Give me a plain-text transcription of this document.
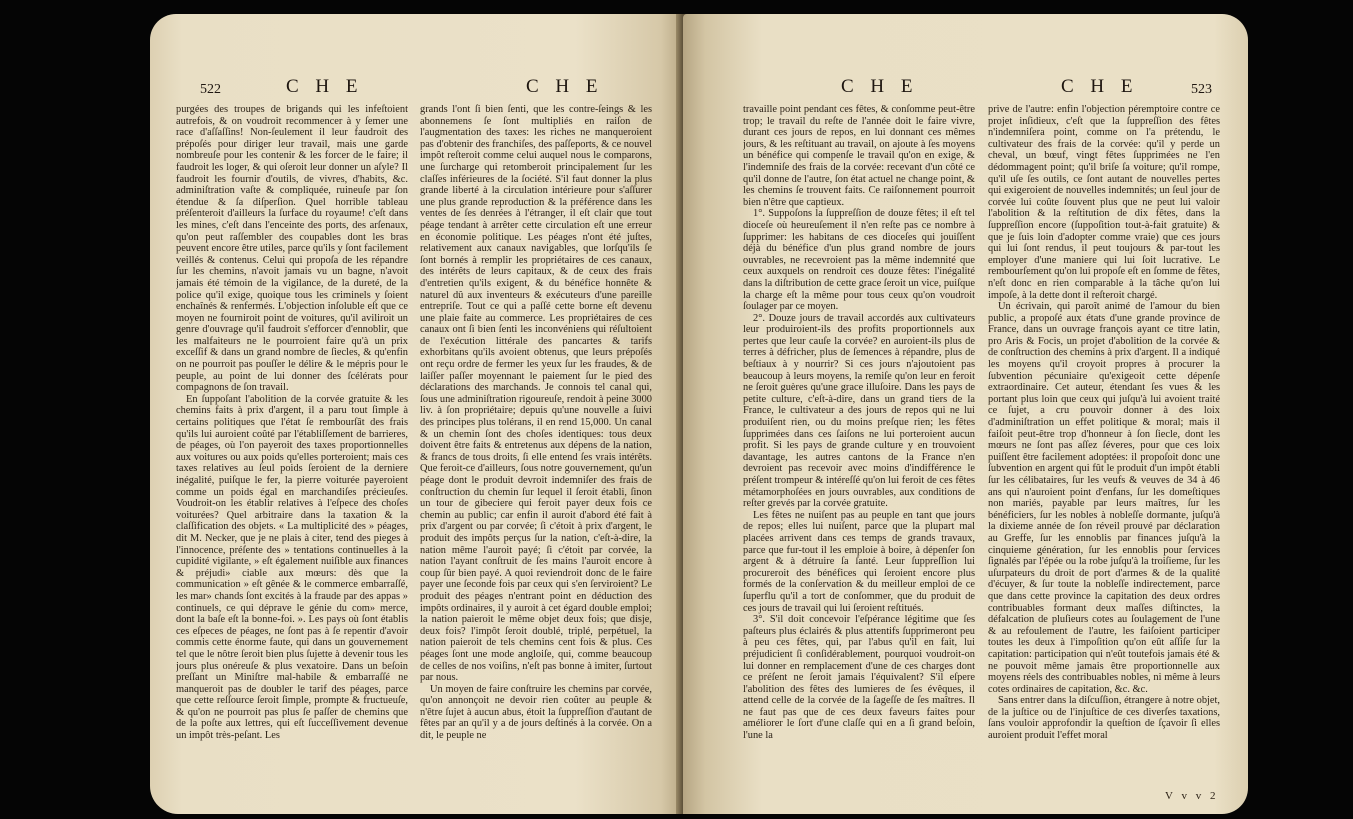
522	C H E	C H E

purgées des troupes de brigands qui les infeſtoient autrefois, & on voudroit recommencer à y ſemer une race d'aſſaſſins! Non-ſeulement il leur faudroit des prépoſés pour diriger leur travail, mais une garde nombreuſe pour les contenir & les forcer de le faire; il faudroit les loger, & qui oſeroit leur donner un aſyle? Il faudroit les fournir d'outils, de vivres, d'habits, &c. adminiſtration vaſte & compliquée, ruineuſe par ſon étendue & ſa diſperſion. Quel horrible tableau préſenteroit d'ailleurs la ſurface du royaume! c'eſt dans les mines, c'eſt dans l'enceinte des ports, des arſenaux, qu'on peut raſſembler des coupables dont les bras peuvent encore être utiles, parce qu'ils y ſont facilement veillés & contenus. Celui qui propoſa de les répandre ſur les chemins, n'avoit jamais vu un bagne, n'avoit jamais été témoin de la vigilance, de la dureté, de la police qu'il exige, quoique tous les criminels y ſoient enchaînés & renfermés. L'objection inſoluble eſt que ce moyen ne fourniroit point de voitures, qu'il aviliroit un genre d'ouvrage qu'il faudroit s'efforcer d'ennoblir, que les malfaiteurs ne le pourroient faire qu'à un prix exceſſif & dans un grand nombre de ſiecles, & qu'enfin on ne pourroit pas pouſſer le délire & le mépris pour le peuple, au point de lui donner des ſcélérats pour compagnons de ſon travail.

En ſuppoſant l'abolition de la corvée gratuite & les chemins faits à prix d'argent, il a paru tout ſimple à certains politiques que l'état ſe rembourſât des frais qu'ils lui auroient coûté par l'établiſſement de barrieres, de péages, où l'on payeroit des taxes proportionnelles aux voitures ou aux poids qu'elles porteroient; mais ces taxes relatives au ſeul poids ſeroient de la derniere inégalité, puiſque le fer, la pierre voiturée payeroient comme un poids égal en marchandiſes précieuſes. Voudroit-on les établir relatives à l'eſpece des choſes voiturées? Quel arbitraire dans la taxation & la claſſification des objets. « La multiplicité des » péages, dit M. Necker, que je ne plais à citer, tend des pieges à l'innocence, préſente des » tentations continuelles à la cupidité vigilante, » eſt également nuiſible aux finances & préjudi» ciable aux mœurs: dès que la communication » eſt gênée & le commerce embarraſſé, les mar» chands ſont excités à la fraude par des appas » continuels, ce qui déprave le génie du com» merce, dont la baſe eſt la bonne-foi. ». Les pays où ſont établis ces eſpeces de péages, ne ſont pas à ſe repentir d'avoir commis cette énorme faute, qui dans un gouvernement tel que le nôtre ſeroit bien plus ſujette à devenir tous les jours plus onéreuſe & plus vexatoire. Dans un beſoin preſſant un Miniſtre mal-habile & embarraſſé ne manqueroit pas de doubler le tarif des péages, parce que cette reſſource ſeroit ſimple, prompte & fructueuſe, & qu'on ne pourroit pas plus ſe paſſer de chemins que de la poſte aux lettres, qui eſt ſucceſſivement devenue un impôt très-peſant. Les

grands l'ont ſi bien ſenti, que les contre-ſeings & les abonnemens ſe ſont multipliés en raiſon de l'augmentation des taxes: les riches ne manqueroient pas d'obtenir des franchiſes, des paſſeports, & ce nouvel impôt reſteroit comme celui auquel nous le comparons, une ſurcharge qui retomberoit principalement ſur les claſſes inférieures de la ſociété. S'il faut donner la plus grande liberté à la circulation intérieure pour s'aſſurer une plus grande reproduction & la préférence dans les ventes de ſes denrées à l'étranger, il eſt clair que tout péage tendant à arrêter cette circulation eſt une erreur en économie politique. Les péages n'ont été juſtes, relativement aux canaux navigables, que lorſqu'ils ſe ſont bornés à remplir les propriétaires de ces canaux, des intérêts de leurs capitaux, & de ceux des frais d'entretien qu'ils exigent, & du bénéfice honnête & naturel dû aux inventeurs & exécuteurs d'une pareille entrepriſe. Tout ce qui a paſſé cette borne eſt devenu une plaie faite au commerce. Les propriétaires de ces canaux ont ſi bien ſenti les inconvéniens qui réſultoient de l'exécution littérale des pancartes & tarifs exhorbitans qu'ils avoient obtenus, que leurs prépoſés ont reçu ordre de fermer les yeux ſur les fraudes, & de laiſſer paſſer moyennant le paiement ſur le pied des déclarations des marchands. Je connois tel canal qui, ſous une adminiſtration rigoureuſe, rendoit à peine 3000 liv. à ſon propriétaire; depuis qu'une nouvelle a ſuivi des principes plus tolérans, il en rend 15,000. Un canal & un chemin ſont des choſes identiques: tous deux doivent être faits & entretenus aux dépens de la nation, & francs de tous droits, ſi elle entend ſes vrais intérêts. Que feroit-ce d'ailleurs, ſous notre gouvernement, qu'un péage dont le produit devroit indemniſer des frais de conſtruction du chemin ſur lequel il ſeroit établi, ſinon un tour de gibeciere qui feroit payer deux fois ce chemin au public; car enfin il auroit d'abord été fait à prix d'argent ou par corvée; ſi c'étoit à prix d'argent, le produit des impôts perçus ſur la nation, c'eſt-à-dire, la nation même l'auroit payé; ſi c'étoit par corvée, la nation l'ayant conſtruit de ſes mains l'auroit encore à coup ſûr bien payé. A quoi reviendroit donc de le faire payer une ſeconde fois par ceux qui s'en ſerviroient? Le produit des péages n'entrant point en déduction des impôts ordinaires, il y auroit à cet égard double emploi; la nation paieroit le même objet deux fois; que disje, deux fois? l'impôt ſeroit doublé, triplé, perpétuel, la nation paieroit de tels chemins cent fois & plus. Ces péages ſont une mode angloiſe, qui, comme beaucoup de celles de nos voiſins, n'eſt pas bonne à imiter, ſurtout par nous.

Un moyen de faire conſtruire les chemins par corvée, qu'on annonçoit ne devoir rien coûter au peuple & n'être ſujet à aucun abus, étoit la ſuppreſſion d'autant de fêtes par an qu'il y a de jours deſtinés à la corvée. On a dit, le peuple ne

C H E	C H E	523

travaille point pendant ces fêtes, & conſomme peut-être trop; le travail du reſte de l'année doit le faire vivre, durant ces jours de repos, en lui donnant ces mêmes jours, & les reſtituant au travail, on ajoute à ſes moyens un bénéfice qui compenſe le travail qu'on en exige, & l'indemniſe des frais de la corvée: recevant d'un côté ce qu'il donne de l'autre, ſon état actuel ne change point, & les chemins ſe trouvent faits. Ce raiſonnement pourroit bien n'être que captieux.

1°. Suppoſons la ſuppreſſion de douze fêtes; il eſt tel dioceſe où heureuſement il n'en reſte pas ce nombre à ſupprimer: les habitans de ces dioceſes qui jouiſſent déjà du bénéfice d'un plus grand nombre de jours ouvrables, ne recevroient pas la même indemnité que ceux auxquels on rendroit ces douze fêtes: l'inégalité dans la diſtribution de cette grace ſeroit un vice, puiſque la charge eſt la même pour tous ceux qu'on voudroit ſoulager par ce moyen.

2°. Douze jours de travail accordés aux cultivateurs leur produiroient-ils des profits proportionnels aux pertes que leur cauſe la corvée? en auroient-ils plus de terres à défricher, plus de ſemences à répandre, plus de beſtiaux à y nourrir? Si ces jours n'ajoutoient pas beaucoup à leurs moyens, la remiſe qu'on leur en feroit ne ſeroit guères qu'une grace illuſoire. Dans les pays de petite culture, c'eſt-à-dire, dans un grand tiers de la France, le cultivateur a des jours de repos qui ne lui produiſent rien, ou du moins preſque rien; les fêtes ſupprimées dans ces ſaiſons ne lui porteroient aucun profit. Si les pays de grande culture y en trouvoient davantage, les autres cantons de la France n'en devroient pas recevoir avec moins d'indifférence le préſent trompeur & intéreſſé qu'on lui feroit de ces fêtes métamorphoſées en jours ouvrables, aux conditions de reſter grevés par la corvée gratuite.

Les fêtes ne nuiſent pas au peuple en tant que jours de repos; elles lui nuiſent, parce que la plupart mal placées arrivent dans ces temps de grands travaux, parce que fur-tout il les emploie à boire, à dépenſer ſon argent & à détruire ſa ſanté. Leur ſuppreſſion lui procureroit des bénéfices qui ſeroient encore plus formés de la conſervation & du meilleur emploi de ce ſuperflu qu'il a tort de conſommer, que du produit de ces jours de travail qui lui ſeroient reſtitués.

3°. S'il doit concevoir l'eſpérance légitime que ſes paſteurs plus éclairés & plus attentifs ſupprimeront peu à peu ces fêtes, qui, par l'abus qu'il en fait, lui préjudicient ſi conſidérablement, pourquoi voudroit-on lui donner en remplacement d'une de ces charges dont ce préſent ne ſeroit jamais l'équivalent? S'il eſpere l'abolition des fêtes des lumieres de ſes évêques, il attend celle de la corvée de la ſageſſe de ſes maîtres. Il ne faut pas que de ces deux faveurs faites pour améliorer le ſort d'une claſſe qui en a ſi grand beſoin, l'une la

prive de l'autre: enfin l'objection péremptoire contre ce projet inſidieux, c'eſt que la ſuppreſſion des fêtes n'indemniſera point, comme on l'a prétendu, le cultivateur des frais de la corvée: qu'il y perde un cheval, un bœuf, vingt fêtes ſupprimées ne l'en dédommagent point; qu'il briſe ſa voiture; qu'il rompe, qu'il uſe ſes outils, ce ſont autant de nouvelles pertes qui exigeroient de nouvelles indemnités; un ſeul jour de corvée lui coûte ſouvent plus que ne peut lui valoir l'abolition & la reſtitution de dix fêtes, dans la ſuppreſſion encore (ſuppoſition tout-à-fait gratuite) & que je ſuis loin d'adopter comme vraie) que ces jours qui lui ſont rendus, il peut toujours & par-tout les employer d'une maniere qui lui ſoit lucrative. Le rembourſement qu'on lui propoſe eſt en ſomme de fêtes, n'eſt donc en rien comparable à la tâche qu'on lui impoſe, à la dette dont il reſteroit chargé.

Un écrivain, qui paroît animé de l'amour du bien public, a propoſé aux états d'une grande province de France, dans un ouvrage françois ayant ce titre latin, pro Aris & Focis, un projet d'abolition de la corvée & de conſtruction des chemins à prix d'argent. Il a indiqué les moyens qu'il croyoit propres à procurer la ſubvention pécuniaire qu'exigeoit cette dépenſe extraordinaire. Cet auteur, étendant ſes vues & les portant plus loin que ceux qui juſqu'à lui avoient traité ce ſujet, a cru pouvoir donner à des loix d'adminiſtration un effet politique & moral; mais il faiſoit peut-être trop d'honneur à ſon ſiecle, dont les mœurs ne ſont pas aſſez ſéveres, pour que ces loix puiſſent être facilement adoptées: il propoſoit donc une ſubvention en argent qui fût le produit d'un impôt établi ſur les célibataires, ſur les veufs & veuves de 34 à 46 ans qui n'auroient point d'enfans, ſur les domeſtiques non mariés, payable par leurs maîtres, ſur les bénéficiers, ſur les nobles à nobleſſe dormante, juſqu'à la dixieme année de ſon réveil prouvé par déclaration au Greffe, ſur les ennoblis par finances juſqu'à la cinquieme génération, ſur les ennoblis pour ſervices ſignalés par l'épée ou la robe juſqu'à la troiſieme, ſur les uſurpateurs du droit de port d'armes & de la qualité d'écuyer, & ſur toute la nobleſſe indirectement, parce que dans cette province la capitation des deux ordres contribuables formant deux maſſes diſtinctes, la défalcation de pluſieurs cotes au ſoulagement de l'une & au refoulement de l'autre, les faiſoient participer toutes les deux à l'impoſition qu'on eût aſſiſe ſur la capitation: participation qui n'eût toutefois jamais été & ne pouvoit même jamais être proportionnelle aux moyens réels des contribuables nobles, ni même à leurs cotes ordinaires de capitation, &c. &c.

Sans entrer dans la diſcuſſion, étrangere à notre objet, de la juſtice ou de l'injuſtice de ces diverſes taxations, ſans vouloir approfondir la queſtion de ſçavoir ſi elles auroient produit l'effet moral

V v v 2
